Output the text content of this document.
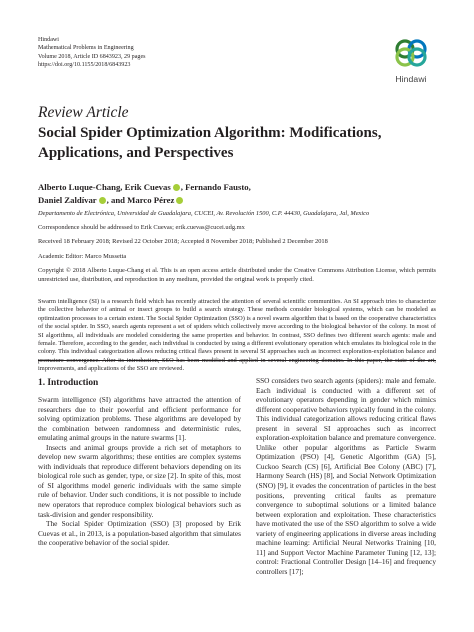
Hindawi
Mathematical Problems in Engineering
Volume 2018, Article ID 6843923, 29 pages
https://doi.org/10.1155/2018/6843923
Hindawi
Review Article
Social Spider Optimization Algorithm: Modifications, Applications, and Perspectives
Alberto Luque-Chang, Erik Cuevas , Fernando Fausto,
Daniel Zaldívar , and Marco Pérez
Departamento de Electrónica, Universidad de Guadalajara, CUCEI, Av. Revolución 1500, C.P. 44430, Guadalajara, Jal, Mexico
Correspondence should be addressed to Erik Cuevas; erik.cuevas@cucei.udg.mx
Received 18 February 2018; Revised 22 October 2018; Accepted 8 November 2018; Published 2 December 2018
Academic Editor: Marco Mussetta
Copyright © 2018 Alberto Luque-Chang et al. This is an open access article distributed under the Creative Commons Attribution License, which permits unrestricted use, distribution, and reproduction in any medium, provided the original work is properly cited.
Swarm intelligence (SI) is a research field which has recently attracted the attention of several scientific communities. An SI approach tries to characterize the collective behavior of animal or insect groups to build a search strategy. These methods consider biological systems, which can be modeled as optimization processes to a certain extent. The Social Spider Optimization (SSO) is a novel swarm algorithm that is based on the cooperative characteristics of the social spider. In SSO, search agents represent a set of spiders which collectively move according to the biological behavior of the colony. In most of SI algorithms, all individuals are modeled considering the same properties and behavior. In contrast, SSO defines two different search agents: male and female. Therefore, according to the gender, each individual is conducted by using a different evolutionary operation which emulates its biological role in the colony. This individual categorization allows reducing critical flaws present in several SI approaches such as incorrect exploration-exploitation balance and premature convergence. After its introduction, SSO has been modified and applied in several engineering domains. In this paper, the state of the art, improvements, and applications of the SSO are reviewed.
1. Introduction

Swarm intelligence (SI) algorithms have attracted the attention of researchers due to their powerful and efficient performance for solving optimization problems. These algorithms are developed by the combination between randomness and deterministic rules, emulating animal groups in the nature swarms [1].

Insects and animal groups provide a rich set of metaphors to develop new swarm algorithms; these entities are complex systems with individuals that reproduce different behaviors depending on its biological role such as gender, type, or size [2]. In spite of this, most of SI algorithms model generic individuals with the same simple rule of behavior. Under such conditions, it is not possible to include new operators that reproduce complex biological behaviors such as task-division and gender responsibility.

The Social Spider Optimization (SSO) [3] proposed by Erik Cuevas et al., in 2013, is a population-based algorithm that simulates the cooperative behavior of the social spider.

SSO considers two search agents (spiders): male and female. Each individual is conducted with a different set of evolutionary operators depending in gender which mimics different cooperative behaviors typically found in the colony. This individual categorization allows reducing critical flaws present in several SI approaches such as incorrect exploration-exploitation balance and premature convergence. Unlike other popular algorithms as Particle Swarm Optimization (PSO) [4], Genetic Algorithm (GA) [5], Cuckoo Search (CS) [6], Artificial Bee Colony (ABC) [7], Harmony Search (HS) [8], and Social Network Optimization (SNO) [9], it evades the concentration of particles in the best positions, preventing critical faults as premature convergence to suboptimal solutions or a limited balance between exploration and exploitation. These characteristics have motivated the use of the SSO algorithm to solve a wide variety of engineering applications in diverse areas including machine learning: Artificial Neural Networks Training [10, 11] and Support Vector Machine Parameter Tuning [12, 13]; control: Fractional Controller Design [14–16] and frequency controllers [17];
